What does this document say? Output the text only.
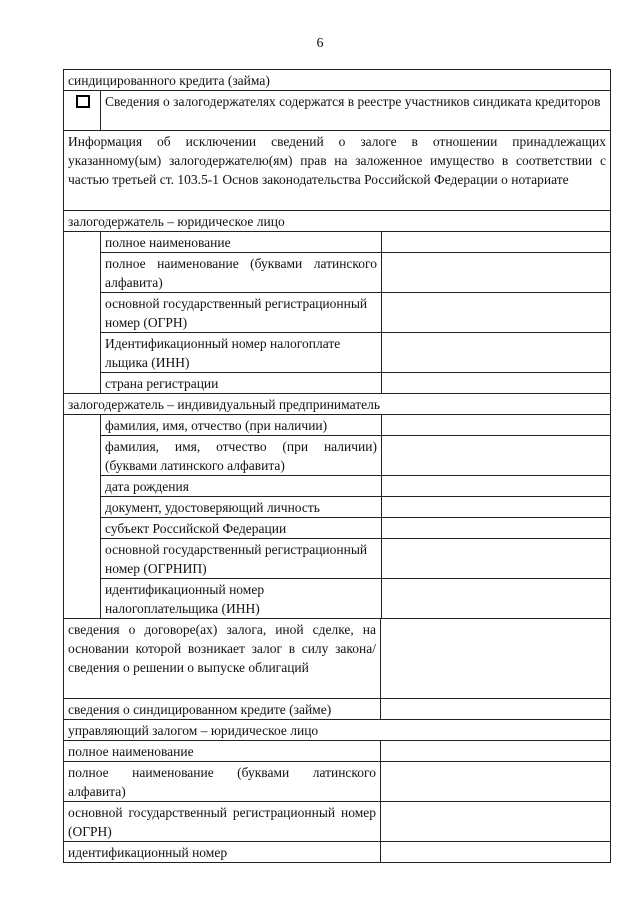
6
синдицированного кредита (займа)
Сведения о залогодержателях содержатся в реестре участников синдиката кредиторов
Информация об исключении сведений о залоге в отношении принадлежащих указанному(ым) залогодержателю(ям) прав на заложенное имущество в соответствии с частью третьей ст. 103.5-1 Основ законодательства Российской Федерации о нотариате
залогодержатель – юридическое лицо
полное наименование
полное наименование (буквами латинского алфавита)
основной государственный регистрационный номер (ОГРН)
Идентификационный номер налогоплате льщика (ИНН)
страна регистрации
залогодержатель – индивидуальный предприниматель
фамилия, имя, отчество (при наличии)
фамилия, имя, отчество (при наличии) (буквами латинского алфавита)
дата рождения
документ, удостоверяющий личность
субъект Российской Федерации
основной государственный регистрационный номер (ОГРНИП)
идентификационный номер налогоплательщика (ИНН)
сведения о договоре(ах) залога, иной сделке, на основании которой возникает залог в силу закона/сведения о решении о выпуске облигаций
сведения о синдицированном кредите (займе)
управляющий залогом – юридическое лицо
полное наименование
полное наименование (буквами латинского алфавита)
основной государственный регистрационный номер (ОГРН)
идентификационный номер
